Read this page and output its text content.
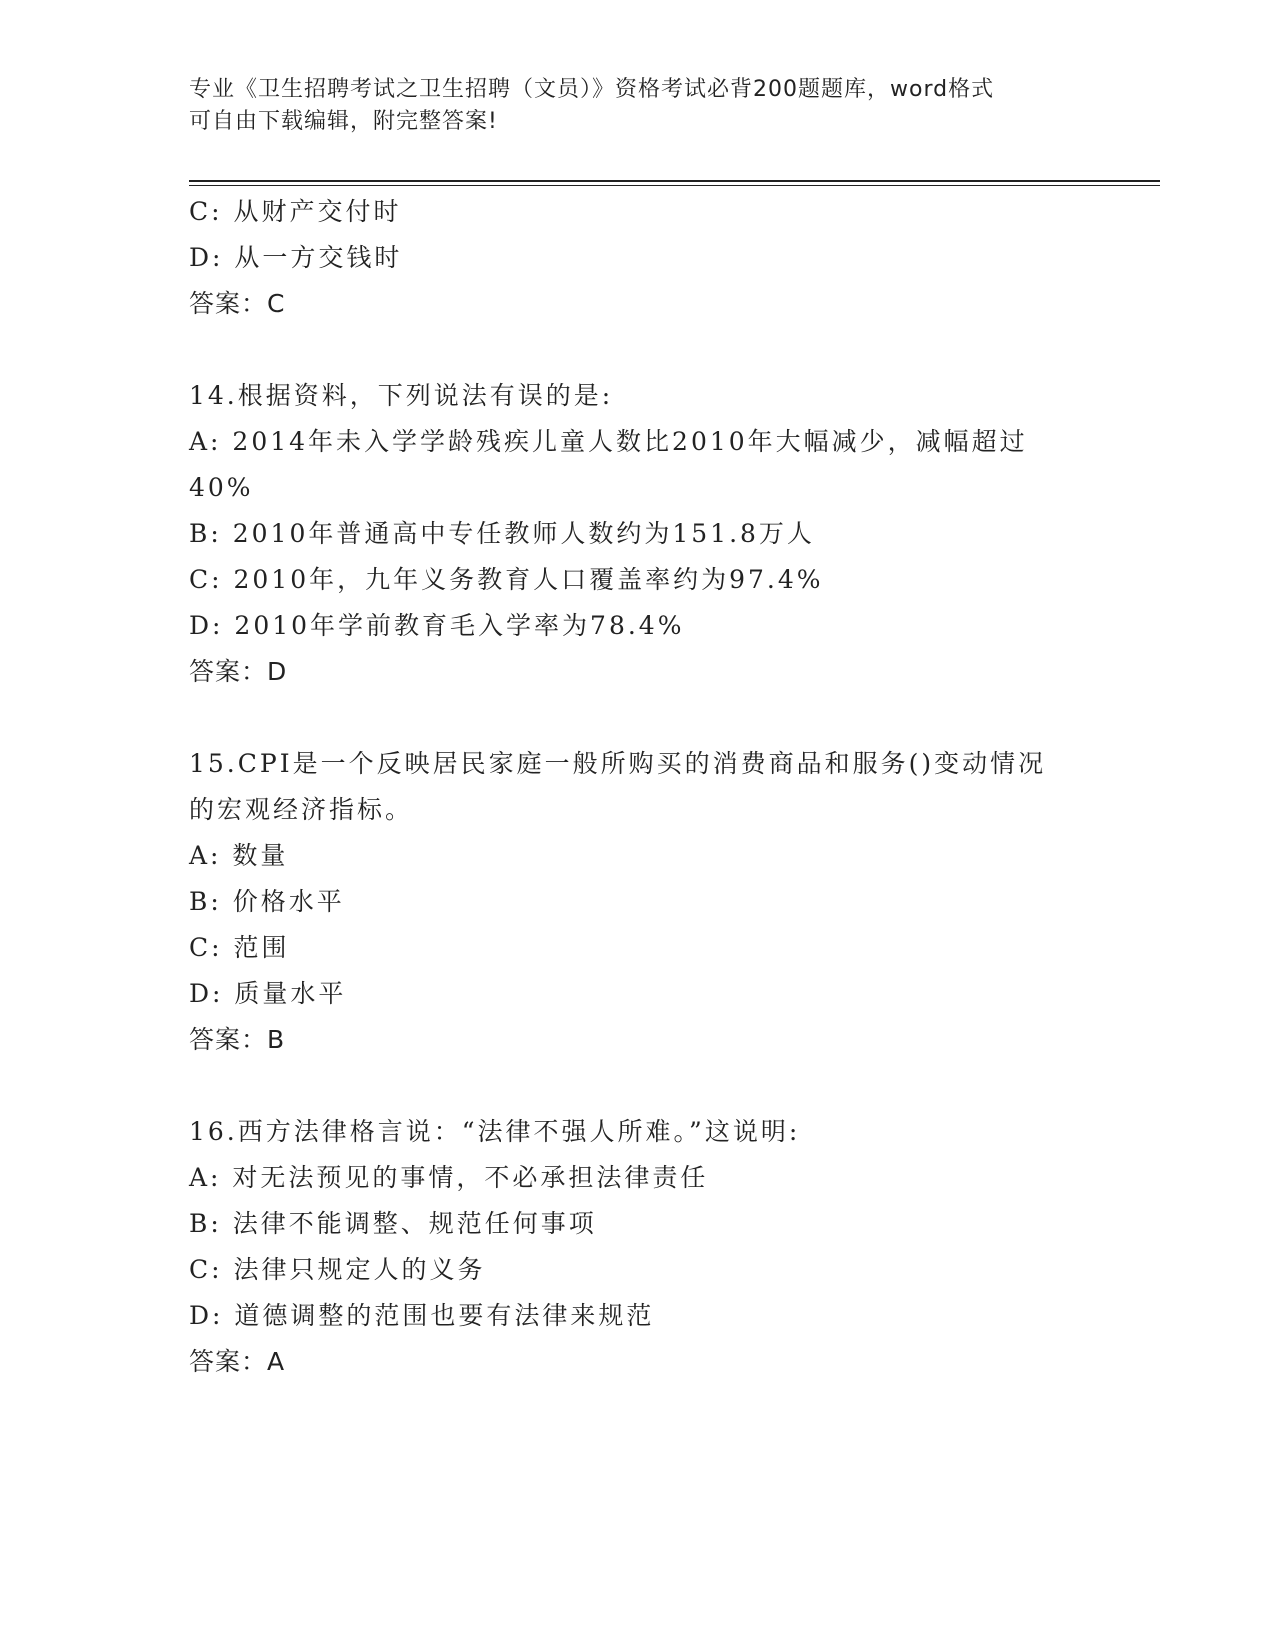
专业《卫生招聘考试之卫生招聘（文员）》资格考试必背200题题库，word格式
可自由下载编辑，附完整答案!
C: 从财产交付时
D: 从一方交钱时
答案：C
14.根据资料，下列说法有误的是:
A: 2014年未入学学龄残疾儿童人数比2010年大幅减少，减幅超过
40%
B: 2010年普通高中专任教师人数约为151.8万人
C: 2010年，九年义务教育人口覆盖率约为97.4%
D: 2010年学前教育毛入学率为78.4%
答案：D
15.CPI是一个反映居民家庭一般所购买的消费商品和服务()变动情况
的宏观经济指标。
A: 数量
B: 价格水平
C: 范围
D: 质量水平
答案：B
16.西方法律格言说：“法律不强人所难。”这说明:
A: 对无法预见的事情，不必承担法律责任
B: 法律不能调整、规范任何事项
C: 法律只规定人的义务
D: 道德调整的范围也要有法律来规范
答案：A
